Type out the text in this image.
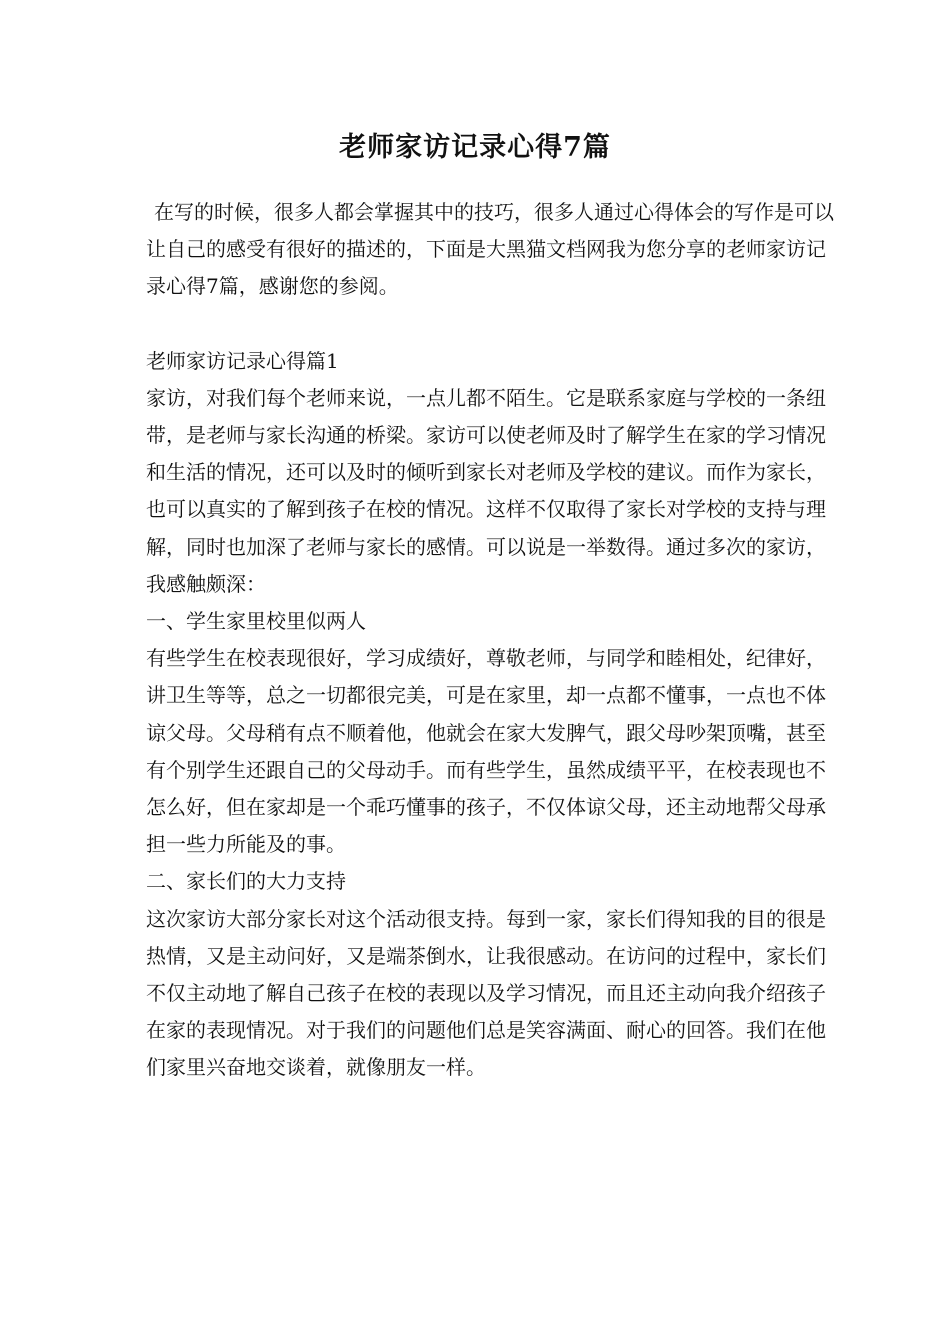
老师家访记录心得7篇

在写的时候，很多人都会掌握其中的技巧，很多人通过心得体会的写作是可以让自己的感受有很好的描述的，下面是大黑猫文档网我为您分享的老师家访记录心得7篇，感谢您的参阅。

老师家访记录心得篇1

家访，对我们每个老师来说，一点儿都不陌生。它是联系家庭与学校的一条纽带，是老师与家长沟通的桥梁。家访可以使老师及时了解学生在家的学习情况和生活的情况，还可以及时的倾听到家长对老师及学校的建议。而作为家长，也可以真实的了解到孩子在校的情况。这样不仅取得了家长对学校的支持与理解，同时也加深了老师与家长的感情。可以说是一举数得。通过多次的家访，我感触颇深：

一、学生家里校里似两人

有些学生在校表现很好，学习成绩好，尊敬老师，与同学和睦相处，纪律好，讲卫生等等，总之一切都很完美，可是在家里，却一点都不懂事，一点也不体谅父母。父母稍有点不顺着他，他就会在家大发脾气，跟父母吵架顶嘴，甚至有个别学生还跟自己的父母动手。而有些学生，虽然成绩平平，在校表现也不怎么好，但在家却是一个乖巧懂事的孩子，不仅体谅父母，还主动地帮父母承担一些力所能及的事。

二、家长们的大力支持

这次家访大部分家长对这个活动很支持。每到一家，家长们得知我的目的很是热情，又是主动问好，又是端茶倒水，让我很感动。在访问的过程中，家长们不仅主动地了解自己孩子在校的表现以及学习情况，而且还主动向我介绍孩子在家的表现情况。对于我们的问题他们总是笑容满面、耐心的回答。我们在他们家里兴奋地交谈着，就像朋友一样。
